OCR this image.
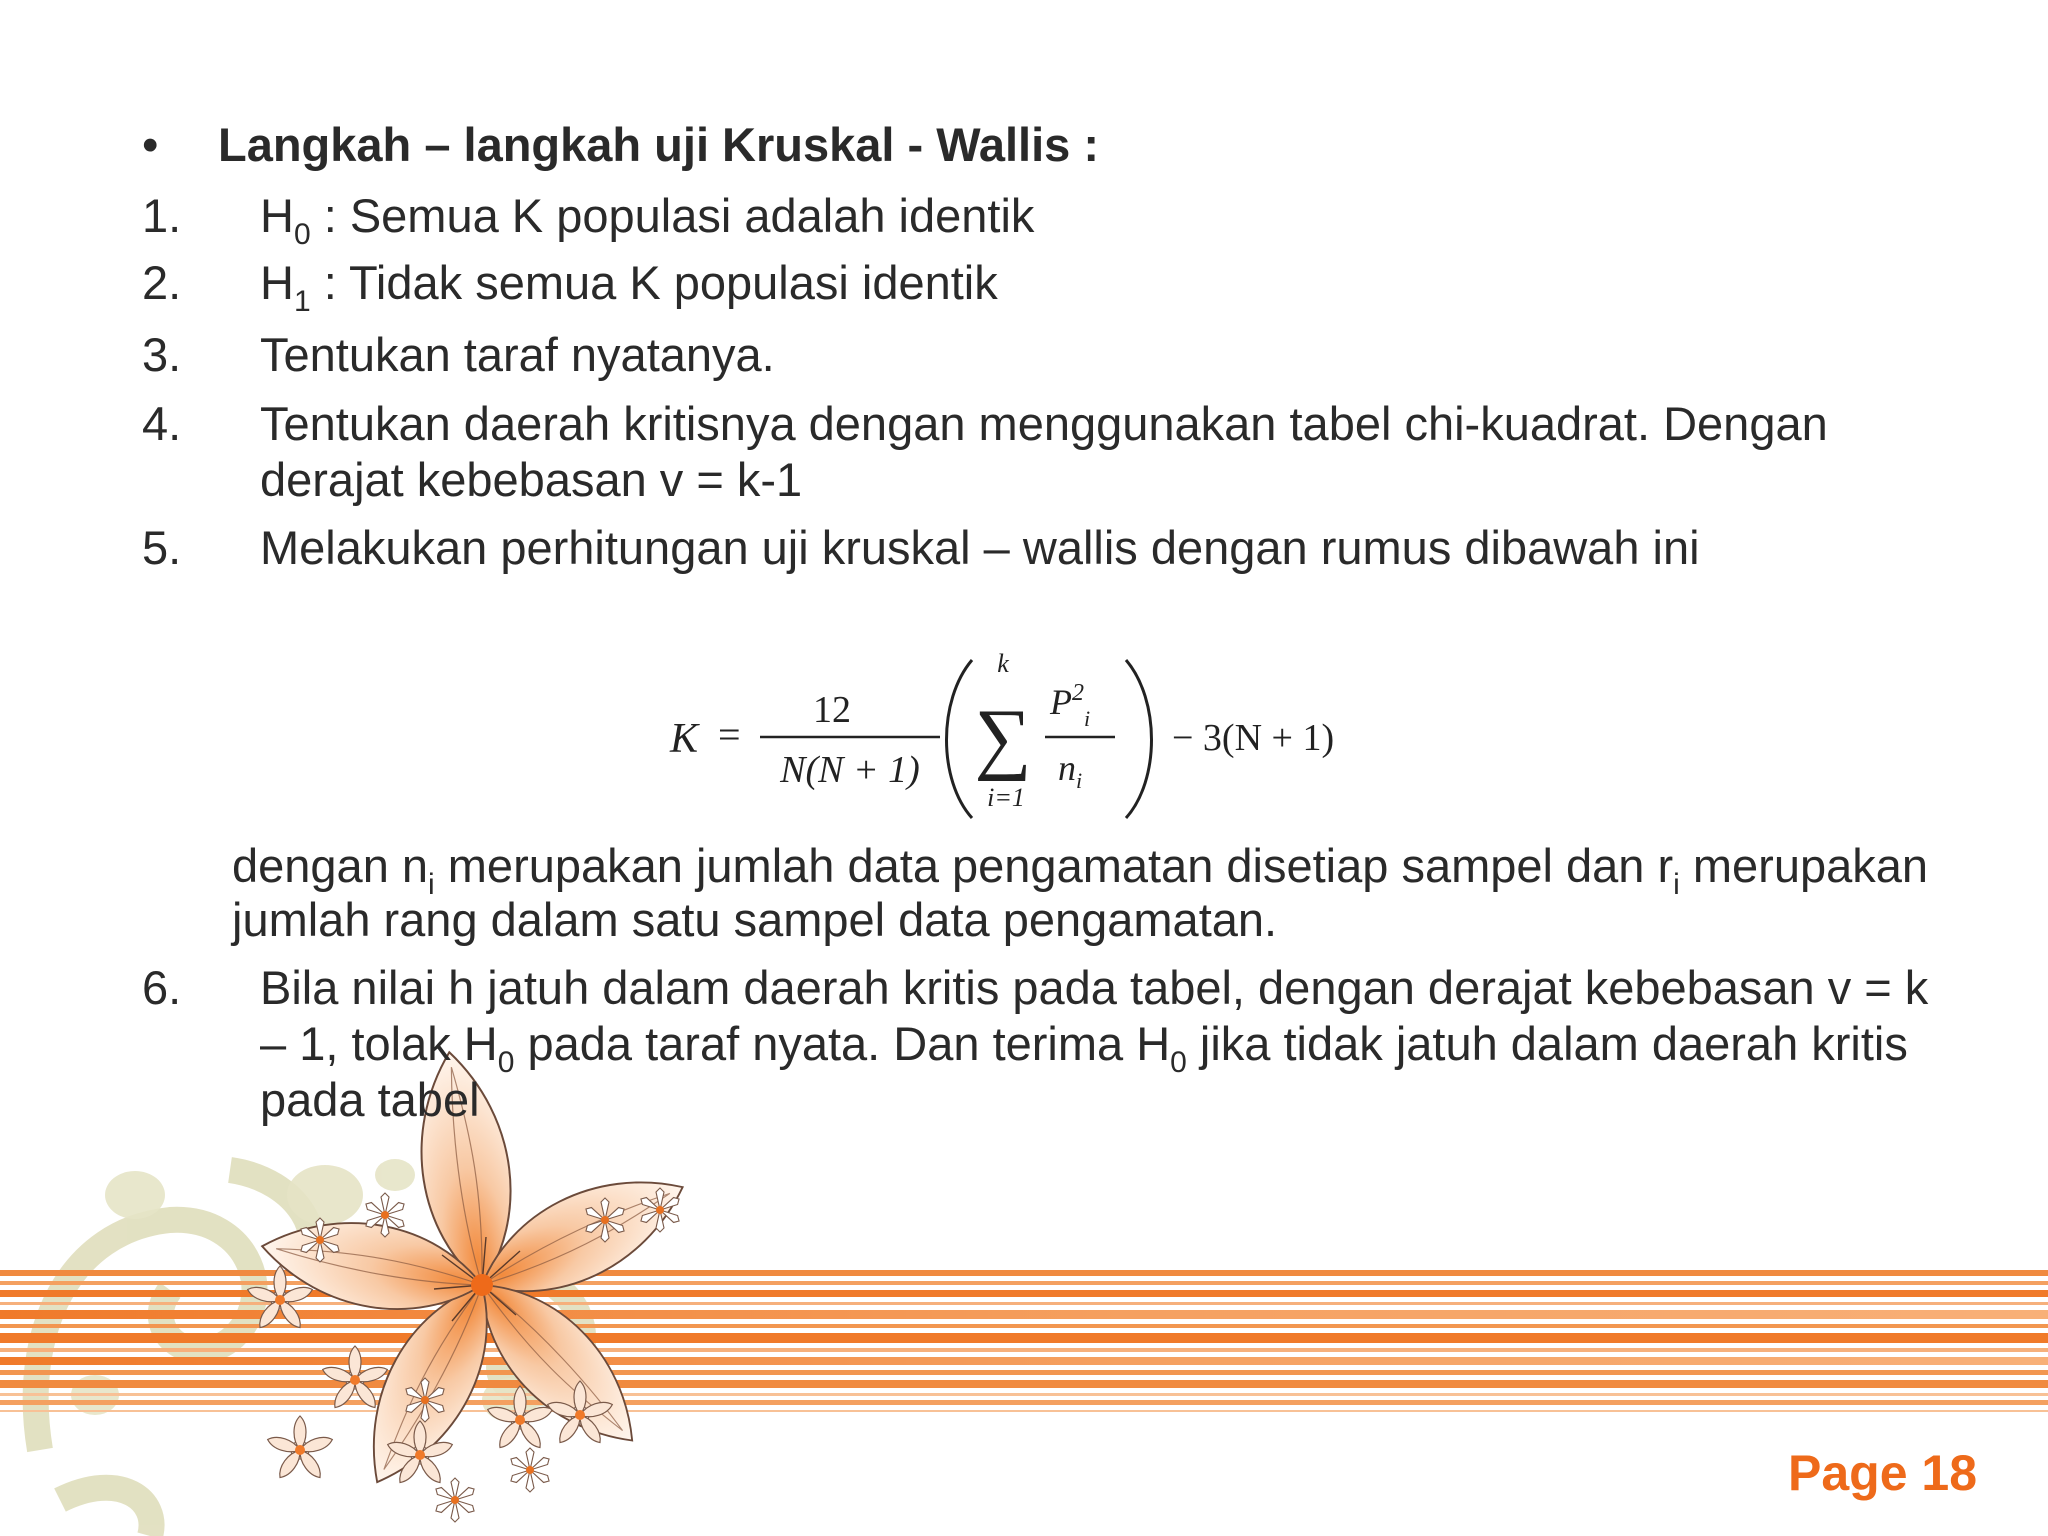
•	Langkah – langkah uji Kruskal - Wallis :
1.	$H_0$ : Semua K populasi adalah identik
2.	$H_1$ : Tidak semua K populasi identik
3.	Tentukan taraf nyatanya.
4.	Tentukan daerah kritisnya dengan menggunakan tabel chi-kuadrat. Dengan
derajat kebebasan v = k-1
5.	Melakukan perhitungan uji kruskal – wallis dengan rumus dibawah ini
K =
12
N(N + 1)
k
∑
i=1
$P^2_i$
$n_i$
− 3(N + 1)
dengan $n_i$ merupakan jumlah data pengamatan disetiap sampel dan $r_i$ merupakan
jumlah rang dalam satu sampel data pengamatan.
6.	Bila nilai h jatuh dalam daerah kritis pada tabel, dengan derajat kebebasan v = k
– 1, tolak $H_0$ pada taraf nyata. Dan terima $H_0$ jika tidak jatuh dalam daerah kritis
pada tabel
Page 18
